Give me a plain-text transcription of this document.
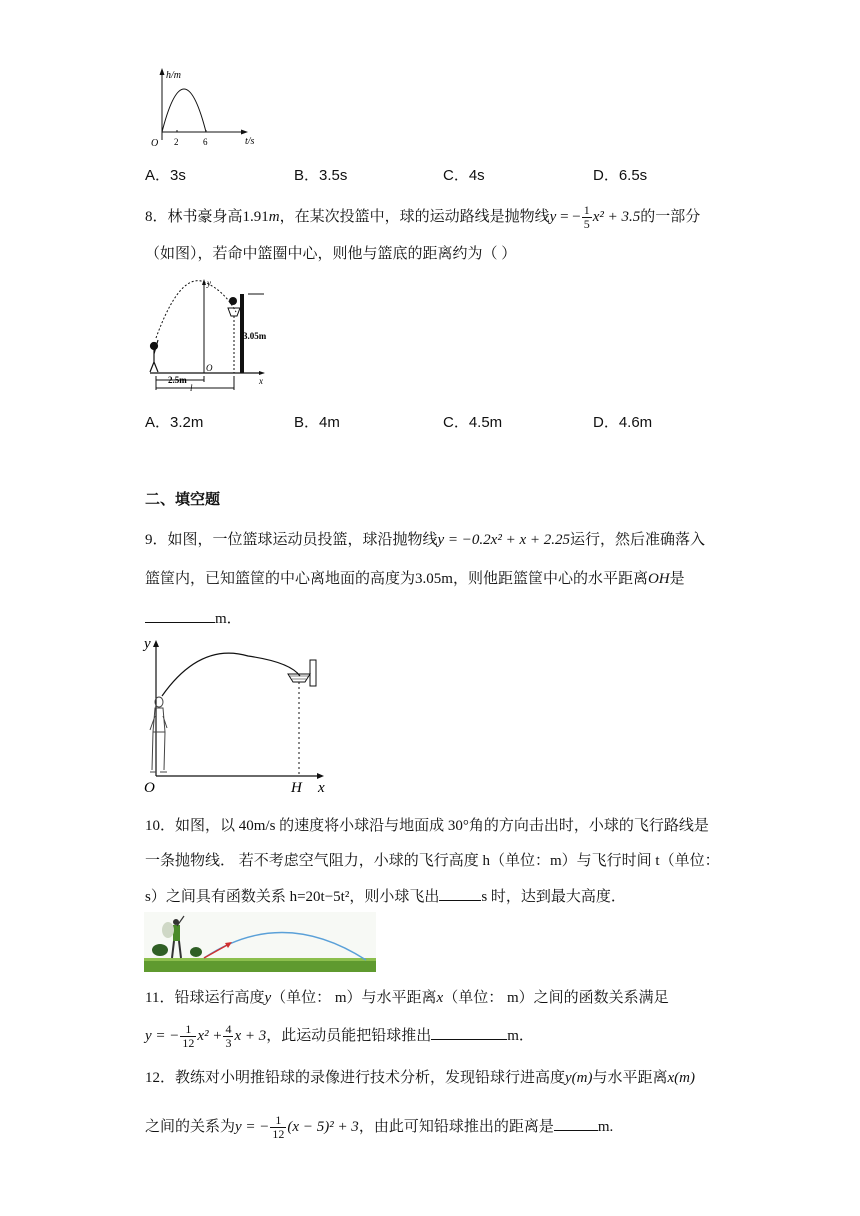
h/m
t/s
O 2	6
A．3s	B．3.5s	C．4s	D．6.5s
8．林书豪身高1.91m，在某次投篮中，球的运动路线是抛物线y = − $\frac{1}{5} x^2 + 3.5$的一部分
（如图），若命中篮圈中心，则他与篮底的距离约为（ ）
3.05m
2.5m
l
y
O
x
A．3.2m	B．4m	C．4.5m	D．4.6m
二、填空题
9．如图，一位篮球运动员投篮，球沿抛物线y = −0.2x² + x + 2.25运行，然后准确落入
篮筐内，已知篮筐的中心离地面的高度为3.05m，则他距篮筐中心的水平距离OH是
m．
y
O	H x
10．如图，以 40m/s 的速度将小球沿与地面成 30°角的方向击出时，小球的飞行路线是
一条抛物线． 若不考虑空气阻力，小球的飞行高度 h（单位：m）与飞行时间 t（单位：
s）之间具有函数关系 h=20t−5t²，则小球飞出	s 时，达到最大高度．
11．铅球运行高度y（单位： m）与水平距离x（单位： m）之间的函数关系满足
y = − $\frac{1}{12} x^2 + \frac{4}{3}$ x + 3，此运动员能把铅球推出	m．
12．教练对小明推铅球的录像进行技术分析，发现铅球行进高度y(m)与水平距离x(m)
之间的关系为y = − $\frac{1}{12} (x - 5)^2 + 3$，由此可知铅球推出的距离是	m.
